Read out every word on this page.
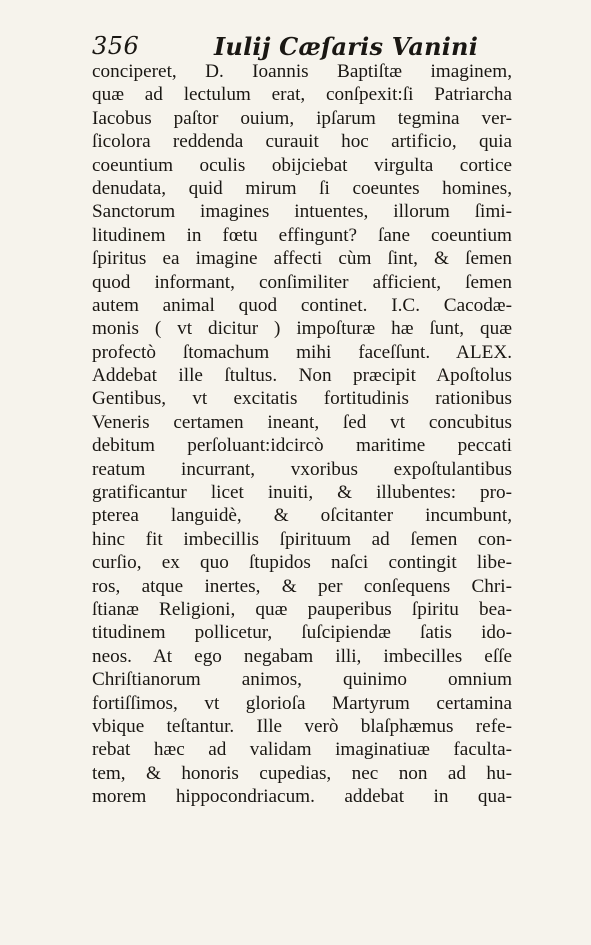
356	Iulij Cæſaris Vanini
conciperet, D. Ioannis Baptiſtæ imaginem,
quæ ad lectulum erat, conſpexit:ſi Patriarcha
Iacobus paſtor ouium, ipſarum tegmina ver-
ſicolora reddenda curauit hoc artificio, quia
coeuntium oculis obijciebat virgulta cortice
denudata, quid mirum ſi coeuntes homines,
Sanctorum imagines intuentes, illorum ſimi-
litudinem in fœtu effingunt? ſane coeuntium
ſpiritus ea imagine affecti cùm ſint, & ſemen
quod informant, conſimiliter afficient, ſemen
autem animal quod continet. I.C. Cacodæ-
monis ( vt dicitur ) impoſturæ hæ ſunt, quæ
profectò ſtomachum mihi faceſſunt. ALEX.
Addebat ille ſtultus. Non præcipit Apoſtolus
Gentibus, vt excitatis fortitudinis rationibus
Veneris certamen ineant, ſed vt concubitus
debitum perſoluant:idcircò maritime peccati
reatum incurrant, vxoribus expoſtulantibus
gratificantur licet inuiti, & illubentes: pro-
pterea languidè, & oſcitanter incumbunt,
hinc fit imbecillis ſpirituum ad ſemen con-
curſio, ex quo ſtupidos naſci contingit libe-
ros, atque inertes, & per conſequens Chri-
ſtianæ Religioni, quæ pauperibus ſpiritu bea-
titudinem pollicetur, ſuſcipiendæ ſatis ido-
neos. At ego negabam illi, imbecilles eſſe
Chriſtianorum animos, quinimo omnium
fortiſſimos, vt glorioſa Martyrum certamina
vbique teſtantur. Ille verò blaſphæmus refe-
rebat hæc ad validam imaginatiuæ facultа-
tem, & honoris cupedias, nec non ad hu-
morem hippocondriacum. addebat in qua-
